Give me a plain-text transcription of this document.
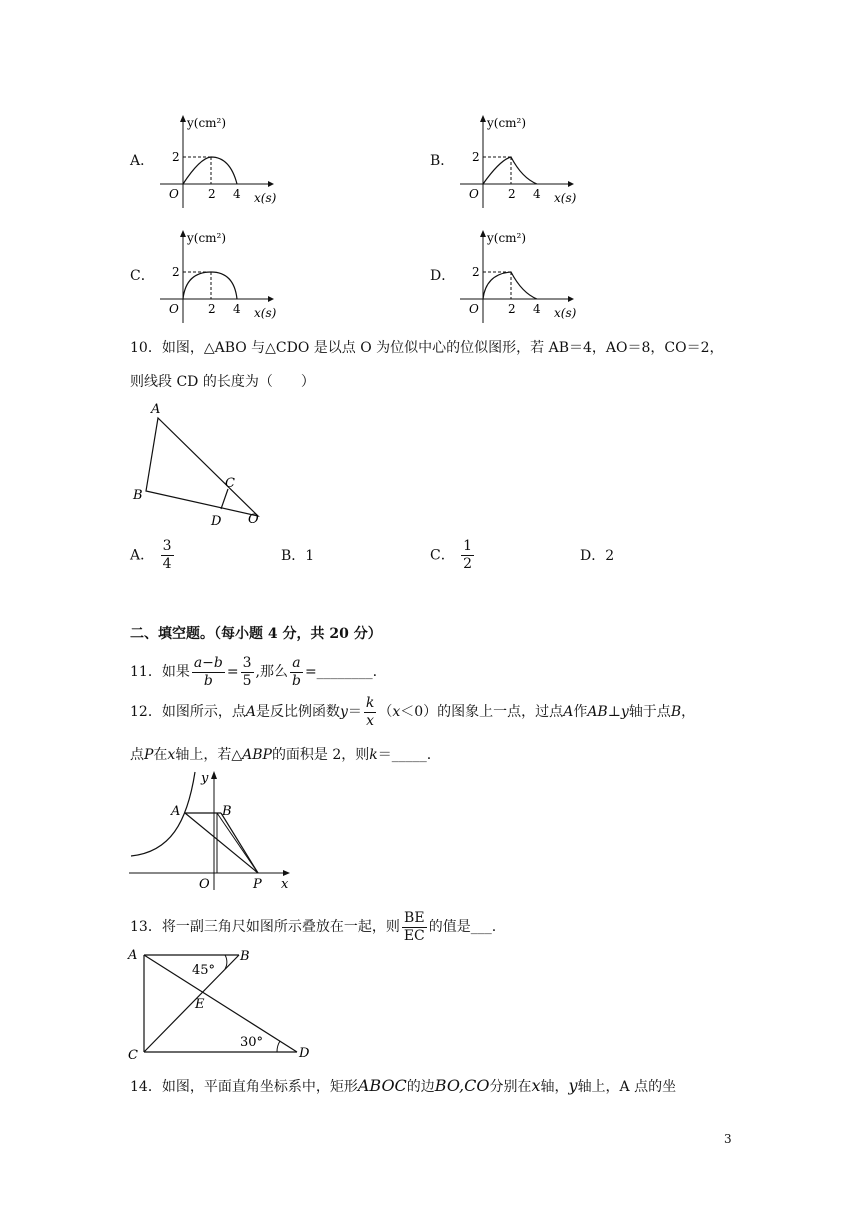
A．
y(cm²)
2
O 2 4 x(s)
B．
y(cm²)
2
O 2 4 x(s)
C．
y(cm²)
2
O 2 4 x(s)
D．
y(cm²)
2
O 2 4 x(s)
10．如图，△ABO 与△CDO 是以点 O 为位似中心的位似图形，若 AB＝4，AO＝8，CO＝2，
则线段 CD 的长度为（　　）
A
B
C
D O
A． $\frac{3}{4}$	B．1	C． $\frac{1}{2}$	D．2
二、填空题。（每小题 4 分，共 20 分）
11．如果 $\frac{a-b}{b} = \frac{3}{5}$ ,那么 $\frac{a}{b}$ =________.
12．如图所示，点 A 是反比例函数 $y = \frac{k}{x}$ （ x ＜0）的图象上一点，过点 A 作 AB ⊥ y 轴于点 B ，
点P在x轴上，若△ABP的面积是 2，则k＝_____.
y
A	B
O	P x
13．将一副三角尺如图所示叠放在一起，则 $\frac{BE}{EC}$ 的值是___.
A	B
C	D
E
45°
30°
14．如图，平面直角坐标系中，矩形ABOC的边BO,CO分别在x轴，y轴上，A 点的坐
3
